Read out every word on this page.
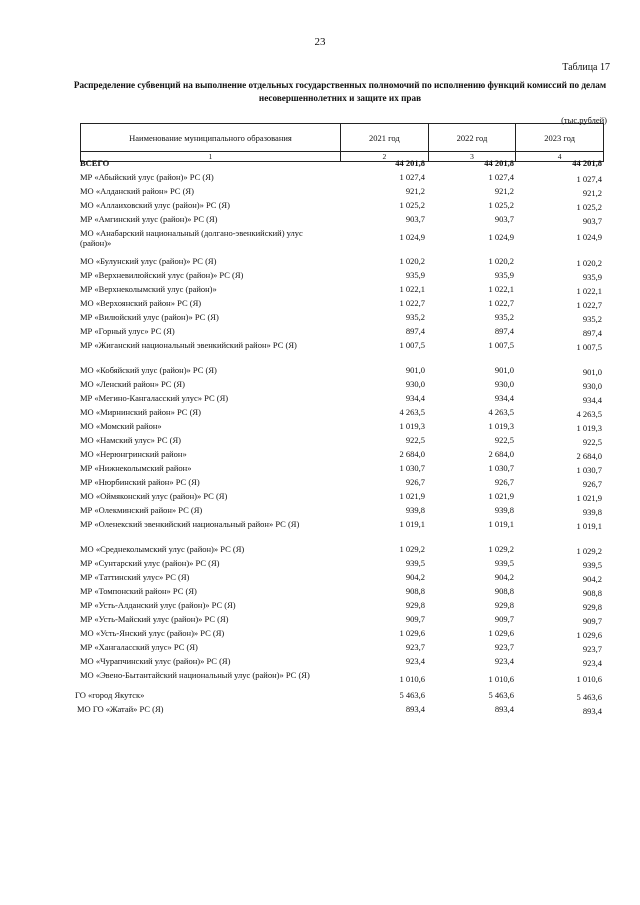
23
Таблица 17
Распределение субвенций на выполнение отдельных государственных полномочий по исполнению функций комиссий по делам несовершеннолетних и защите их прав
(тыс.рублей)
Наименование муниципального образования	2021 год	2022 год	2023 год
1	2	3	4
ВСЕГО	44 201,8	44 201,8	44 201,8
МР «Абыйский улус (район)» РС (Я)	1 027,4	1 027,4	1 027,4
МО «Алданский район» РС (Я)	921,2	921,2	921,2
МО «Аллаиховский улус (район)» РС (Я)	1 025,2	1 025,2	1 025,2
МР «Амгинский улус (район)» РС (Я)	903,7	903,7	903,7
МО «Анабарский национальный (долгано-эвенкийский) улус (район)»
1 024,9	1 024,9	1 024,9
МО «Булунский улус (район)» РС (Я)	1 020,2	1 020,2	1 020,2
МР «Верхневилюйский улус (район)» РС (Я)	935,9	935,9	935,9
МР «Верхнеколымский улус (район)»	1 022,1	1 022,1	1 022,1
МО «Верхоянский район» РС (Я)	1 022,7	1 022,7	1 022,7
МР «Вилюйский улус (район)» РС (Я)	935,2	935,2	935,2
МР «Горный улус» РС (Я)	897,4	897,4	897,4
МР «Жиганский национальный эвенкийский район» РС (Я)	1 007,5	1 007,5	1 007,5
МО «Кобяйский улус (район)» РС (Я)	901,0	901,0	901,0
МО «Ленский район» РС (Я)	930,0	930,0	930,0
МР «Мегино-Кангаласский улус» РС (Я)	934,4	934,4	934,4
МО «Мирнинский район» РС (Я)	4 263,5	4 263,5	4 263,5
МО «Момский район»	1 019,3	1 019,3	1 019,3
МО «Намский улус» РС (Я)	922,5	922,5	922,5
МО «Нерюнгринский район»	2 684,0	2 684,0	2 684,0
МР «Нижнеколымский район»	1 030,7	1 030,7	1 030,7
МР «Нюрбинский район» РС (Я)	926,7	926,7	926,7
МО «Оймяконский улус (район)» РС (Я)	1 021,9	1 021,9	1 021,9
МР «Олекминский район» РС (Я)	939,8	939,8	939,8
МР «Оленекский эвенкийский национальный район» РС (Я)	1 019,1	1 019,1	1 019,1
МО «Среднеколымский улус (район)» РС (Я)	1 029,2	1 029,2	1 029,2
МР «Сунтарский улус (район)» РС (Я)	939,5	939,5	939,5
МР «Таттинский улус» РС (Я)	904,2	904,2	904,2
МР «Томпонский район» РС (Я)	908,8	908,8	908,8
МР «Усть-Алданский улус (район)» РС (Я)	929,8	929,8	929,8
МР «Усть-Майский улус (район)» РС (Я)	909,7	909,7	909,7
МО «Усть-Янский улус (район)» РС (Я)	1 029,6	1 029,6	1 029,6
МР «Хангаласский улус» РС (Я)	923,7	923,7	923,7
МО «Чурапчинский улус (район)» РС (Я)	923,4	923,4	923,4
МО «Эвено-Бытантайский национальный улус (район)» РС (Я)	1 010,6	1 010,6	1 010,6
ГО «город Якутск»	5 463,6	5 463,6	5 463,6
МО ГО «Жатай» РС (Я)	893,4	893,4	893,4
